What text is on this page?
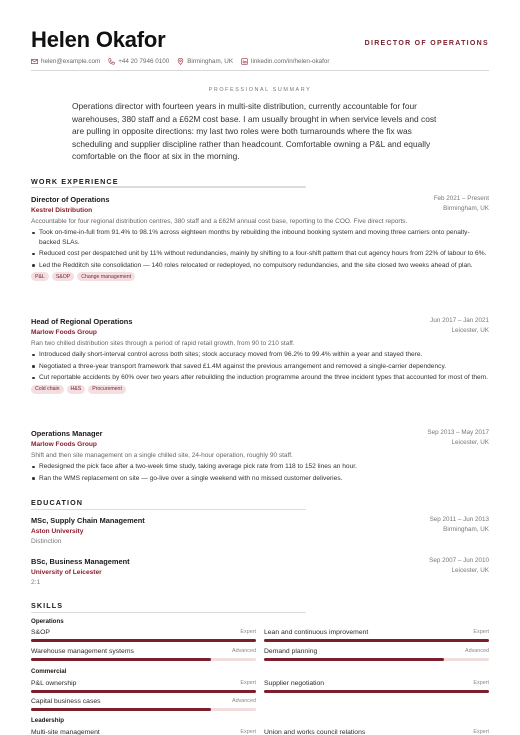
Helen Okafor	DIRECTOR OF OPERATIONS
helen@example.com	+44 20 7946 0100	Birmingham, UK	linkedin.com/in/helen-okafor
PROFESSIONAL SUMMARY
Operations director with fourteen years in multi-site distribution, currently accountable for four warehouses, 380 staff and a £62M cost base. I am usually brought in when service levels and cost are pulling in opposite directions: my last two roles were both turnarounds where the fix was scheduling and supplier discipline rather than headcount. Comfortable owning a P&L and equally comfortable on the floor at six in the morning.
WORK EXPERIENCE
Director of Operations
Kestrel Distribution
Feb 2021 – Present
Birmingham, UK
Accountable for four regional distribution centres, 380 staff and a £62M annual cost base, reporting to the COO. Five direct reports.
Took on-time-in-full from 91.4% to 98.1% across eighteen months by rebuilding the inbound booking system and moving three carriers onto penalty-backed SLAs.
Reduced cost per despatched unit by 11% without redundancies, mainly by shifting to a four-shift pattern that cut agency hours from 22% of labour to 6%.
Led the Redditch site consolidation — 140 roles relocated or redeployed, no compulsory redundancies, and the site closed two weeks ahead of plan.
P&L	S&OP	Change management
Head of Regional Operations
Marlow Foods Group
Jun 2017 – Jan 2021
Leicester, UK
Ran two chilled distribution sites through a period of rapid retail growth, from 90 to 210 staff.
Introduced daily short-interval control across both sites; stock accuracy moved from 96.2% to 99.4% within a year and stayed there.
Negotiated a three-year transport framework that saved £1.4M against the previous arrangement and removed a single-carrier dependency.
Cut reportable accidents by 60% over two years after rebuilding the induction programme around the three incident types that accounted for most of them.
Cold chain	H&S	Procurement
Operations Manager
Marlow Foods Group
Sep 2013 – May 2017
Leicester, UK
Shift and then site management on a single chilled site, 24-hour operation, roughly 90 staff.
Redesigned the pick face after a two-week time study, taking average pick rate from 118 to 152 lines an hour.
Ran the WMS replacement on site — go-live over a single weekend with no missed customer deliveries.
EDUCATION
MSc, Supply Chain Management
Aston University
Sep 2011 – Jun 2013
Birmingham, UK
Distinction
BSc, Business Management
University of Leicester
Sep 2007 – Jun 2010
Leicester, UK
2:1
SKILLS
Operations
S&OP	Expert Lean and continuous improvement	Expert
Warehouse management systems	Advanced Demand planning	Advanced
Commercial
P&L ownership	Expert Supplier negotiation	Expert
Capital business cases	Advanced
Leadership
Multi-site management	Expert Union and works council relations	Expert
